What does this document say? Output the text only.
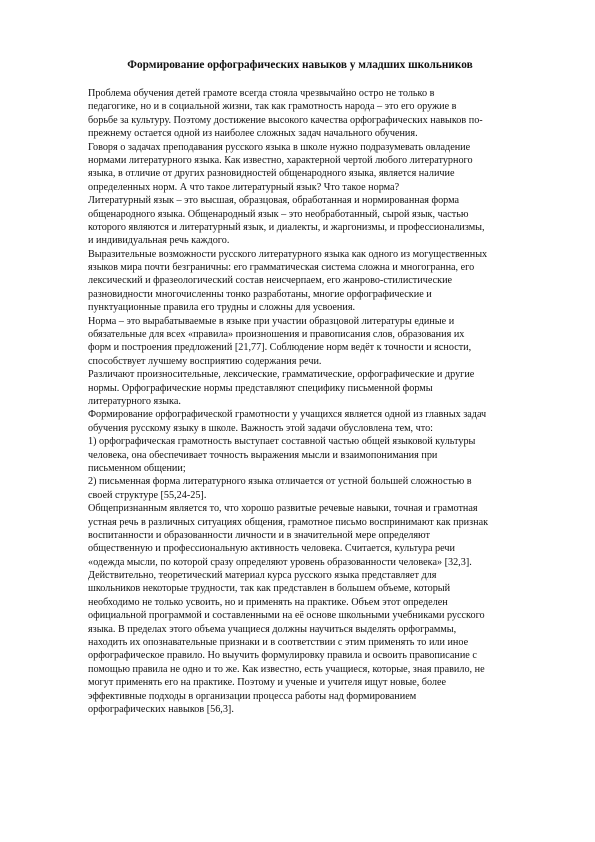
Формирование орфографических навыков у младших школьников
Проблема обучения детей грамоте всегда стояла чрезвычайно остро не только в
педагогике, но и в социальной жизни, так как грамотность народа – это его оружие в
борьбе за культуру. Поэтому достижение высокого качества орфографических навыков по-
прежнему остается одной из наиболее сложных задач начального обучения.
Говоря о задачах преподавания русского языка в школе нужно подразумевать овладение
нормами литературного языка. Как известно, характерной чертой любого литературного
языка, в отличие от других разновидностей общенародного языка, является наличие
определенных норм. А что такое литературный язык? Что такое норма?
Литературный язык – это высшая, образцовая, обработанная и нормированная форма
общенародного языка. Общенародный язык – это необработанный, сырой язык, частью
которого являются и литературный язык, и диалекты, и жаргонизмы, и профессионализмы,
и индивидуальная речь каждого.
Выразительные возможности русского литературного языка как одного из могущественных
языков мира почти безграничны: его грамматическая система сложна и многогранна, его
лексический и фразеологический состав неисчерпаем, его жанрово-стилистические
разновидности многочисленны тонко разработаны, многие орфографические и
пунктуационные правила его трудны и сложны для усвоения.
Норма – это вырабатываемые в языке при участии образцовой литературы единые и
обязательные для всех «правила» произношения и правописания слов, образования их
форм и построения предложений [21,77]. Соблюдение норм ведёт к точности и ясности,
способствует лучшему восприятию содержания речи.
Различают произносительные, лексические, грамматические, орфографические и другие
нормы. Орфографические нормы представляют специфику письменной формы
литературного языка.
Формирование орфографической грамотности у учащихся является одной из главных задач
обучения русскому языку в школе. Важность этой задачи обусловлена тем, что:
1) орфографическая грамотность выступает составной частью общей языковой культуры
человека, она обеспечивает точность выражения мысли и взаимопонимания при
письменном общении;
2) письменная форма литературного языка отличается от устной большей сложностью в
своей структуре [55,24-25].
Общепризнанным является то, что хорошо развитые речевые навыки, точная и грамотная
устная речь в различных ситуациях общения, грамотное письмо воспринимают как признак
воспитанности и образованности личности и в значительной мере определяют
общественную и профессиональную активность человека. Считается, культура речи
«одежда мысли, по которой сразу определяют уровень образованности человека» [32,3].
Действительно, теоретический материал курса русского языка представляет для
школьников некоторые трудности, так как представлен в большем объеме, который
необходимо не только усвоить, но и применять на практике. Объем этот определен
официальной программой и составленными на её основе школьными учебниками русского
языка. В пределах этого объема учащиеся должны научиться выделять орфограммы,
находить их опознавательные признаки и в соответствии с этим применять то или иное
орфографическое правило. Но выучить формулировку правила и освоить правописание с
помощью правила не одно и то же. Как известно, есть учащиеся, которые, зная правило, не
могут применять его на практике. Поэтому и ученые и учителя ищут новые, более
эффективные подходы в организации процесса работы над формированием
орфографических навыков [56,3].
